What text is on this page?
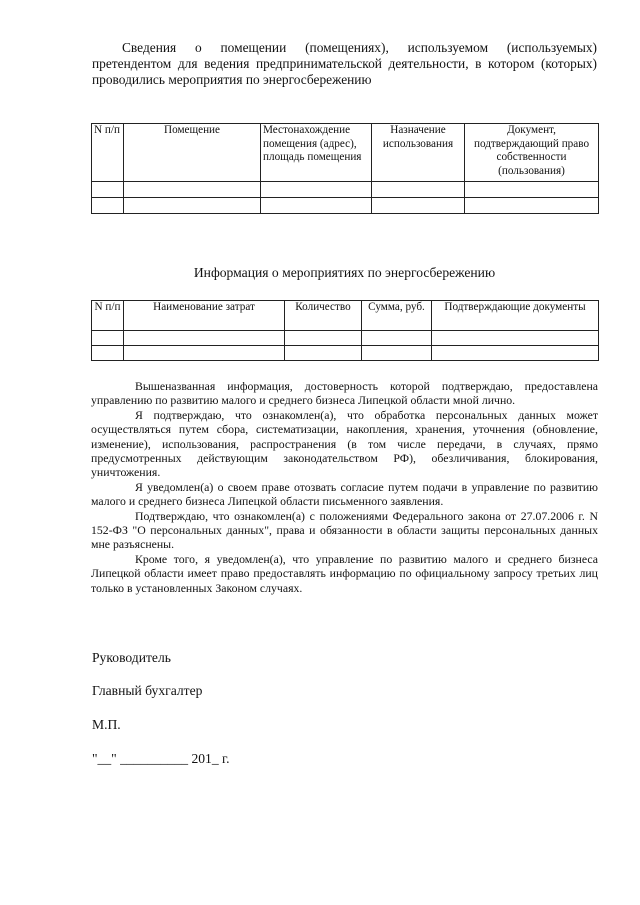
Сведения о помещении (помещениях), используемом (используемых) претендентом для ведения предпринимательской деятельности, в котором (которых) проводились мероприятия по энергосбережению

N п/п	Помещение	Местонахождение помещения (адрес), площадь помещения	Назначение использования	Документ, подтверждающий право собственности (пользования)

Информация о мероприятиях по энергосбережению

N п/п	Наименование затрат	Количество	Сумма, руб.	Подтверждающие документы

Вышеназванная информация, достоверность которой подтверждаю, предоставлена управлению по развитию малого и среднего бизнеса Липецкой области мной лично.

Я подтверждаю, что ознакомлен(а), что обработка персональных данных может осуществляться путем сбора, систематизации, накопления, хранения, уточнения (обновление, изменение), использования, распространения (в том числе передачи, в случаях, прямо предусмотренных действующим законодательством РФ), обезличивания, блокирования, уничтожения.

Я уведомлен(а) о своем праве отозвать согласие путем подачи в управление по развитию малого и среднего бизнеса Липецкой области письменного заявления.

Подтверждаю, что ознакомлен(а) с положениями Федерального закона от 27.07.2006 г. N 152-ФЗ "О персональных данных", права и обязанности в области защиты персональных данных мне разъяснены.

Кроме того, я уведомлен(а), что управление по развитию малого и среднего бизнеса Липецкой области имеет право предоставлять информацию по официальному запросу третьих лиц только в установленных Законом случаях.

Руководитель

Главный бухгалтер

М.П.

"__" __________ 201_ г.
